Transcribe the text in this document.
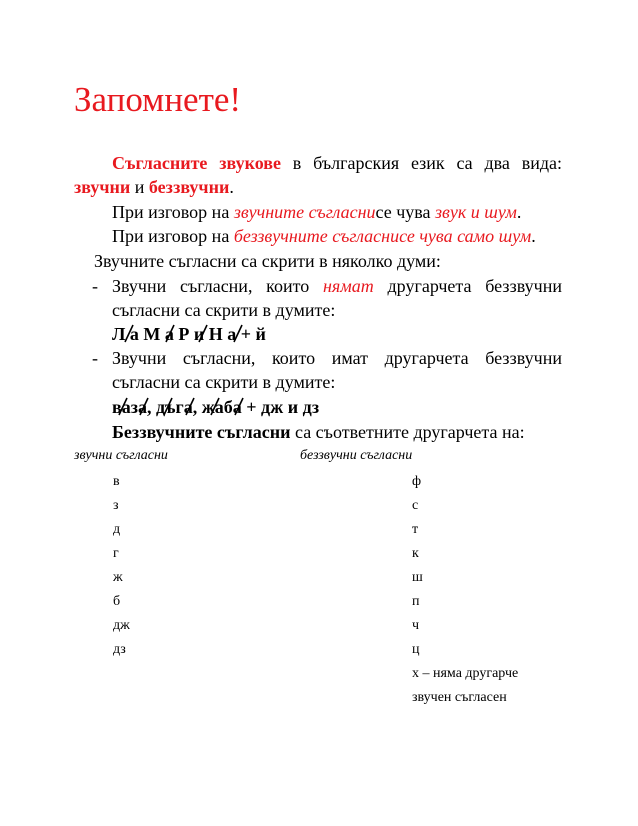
Запомнете!
Съгласните звукове в българския език са два вида:
звучни и беззвучни.
При изговор на звучните съгласнисе чува звук и шум.
При изговор на беззвучните съгласнисе чува само шум.
Звучните съгласни са скрити в няколко думи:
- Звучни съгласни, които нямат другарчета беззвучни
съгласни са скрити в думите:
Л а М а Р и Н а + й
- Звучни съгласни, които имат другарчета беззвучни
съгласни са скрити в думите:
ваза, дъга, жаба + дж и дз
Беззвучните съгласни са съответните другарчета на:
звучни съгласни	беззвучни съгласни
в
з
д
г
ж
б
дж
дз
ф
с
т
к
ш
п
ч
ц
х – няма другарче
звучен съгласен
